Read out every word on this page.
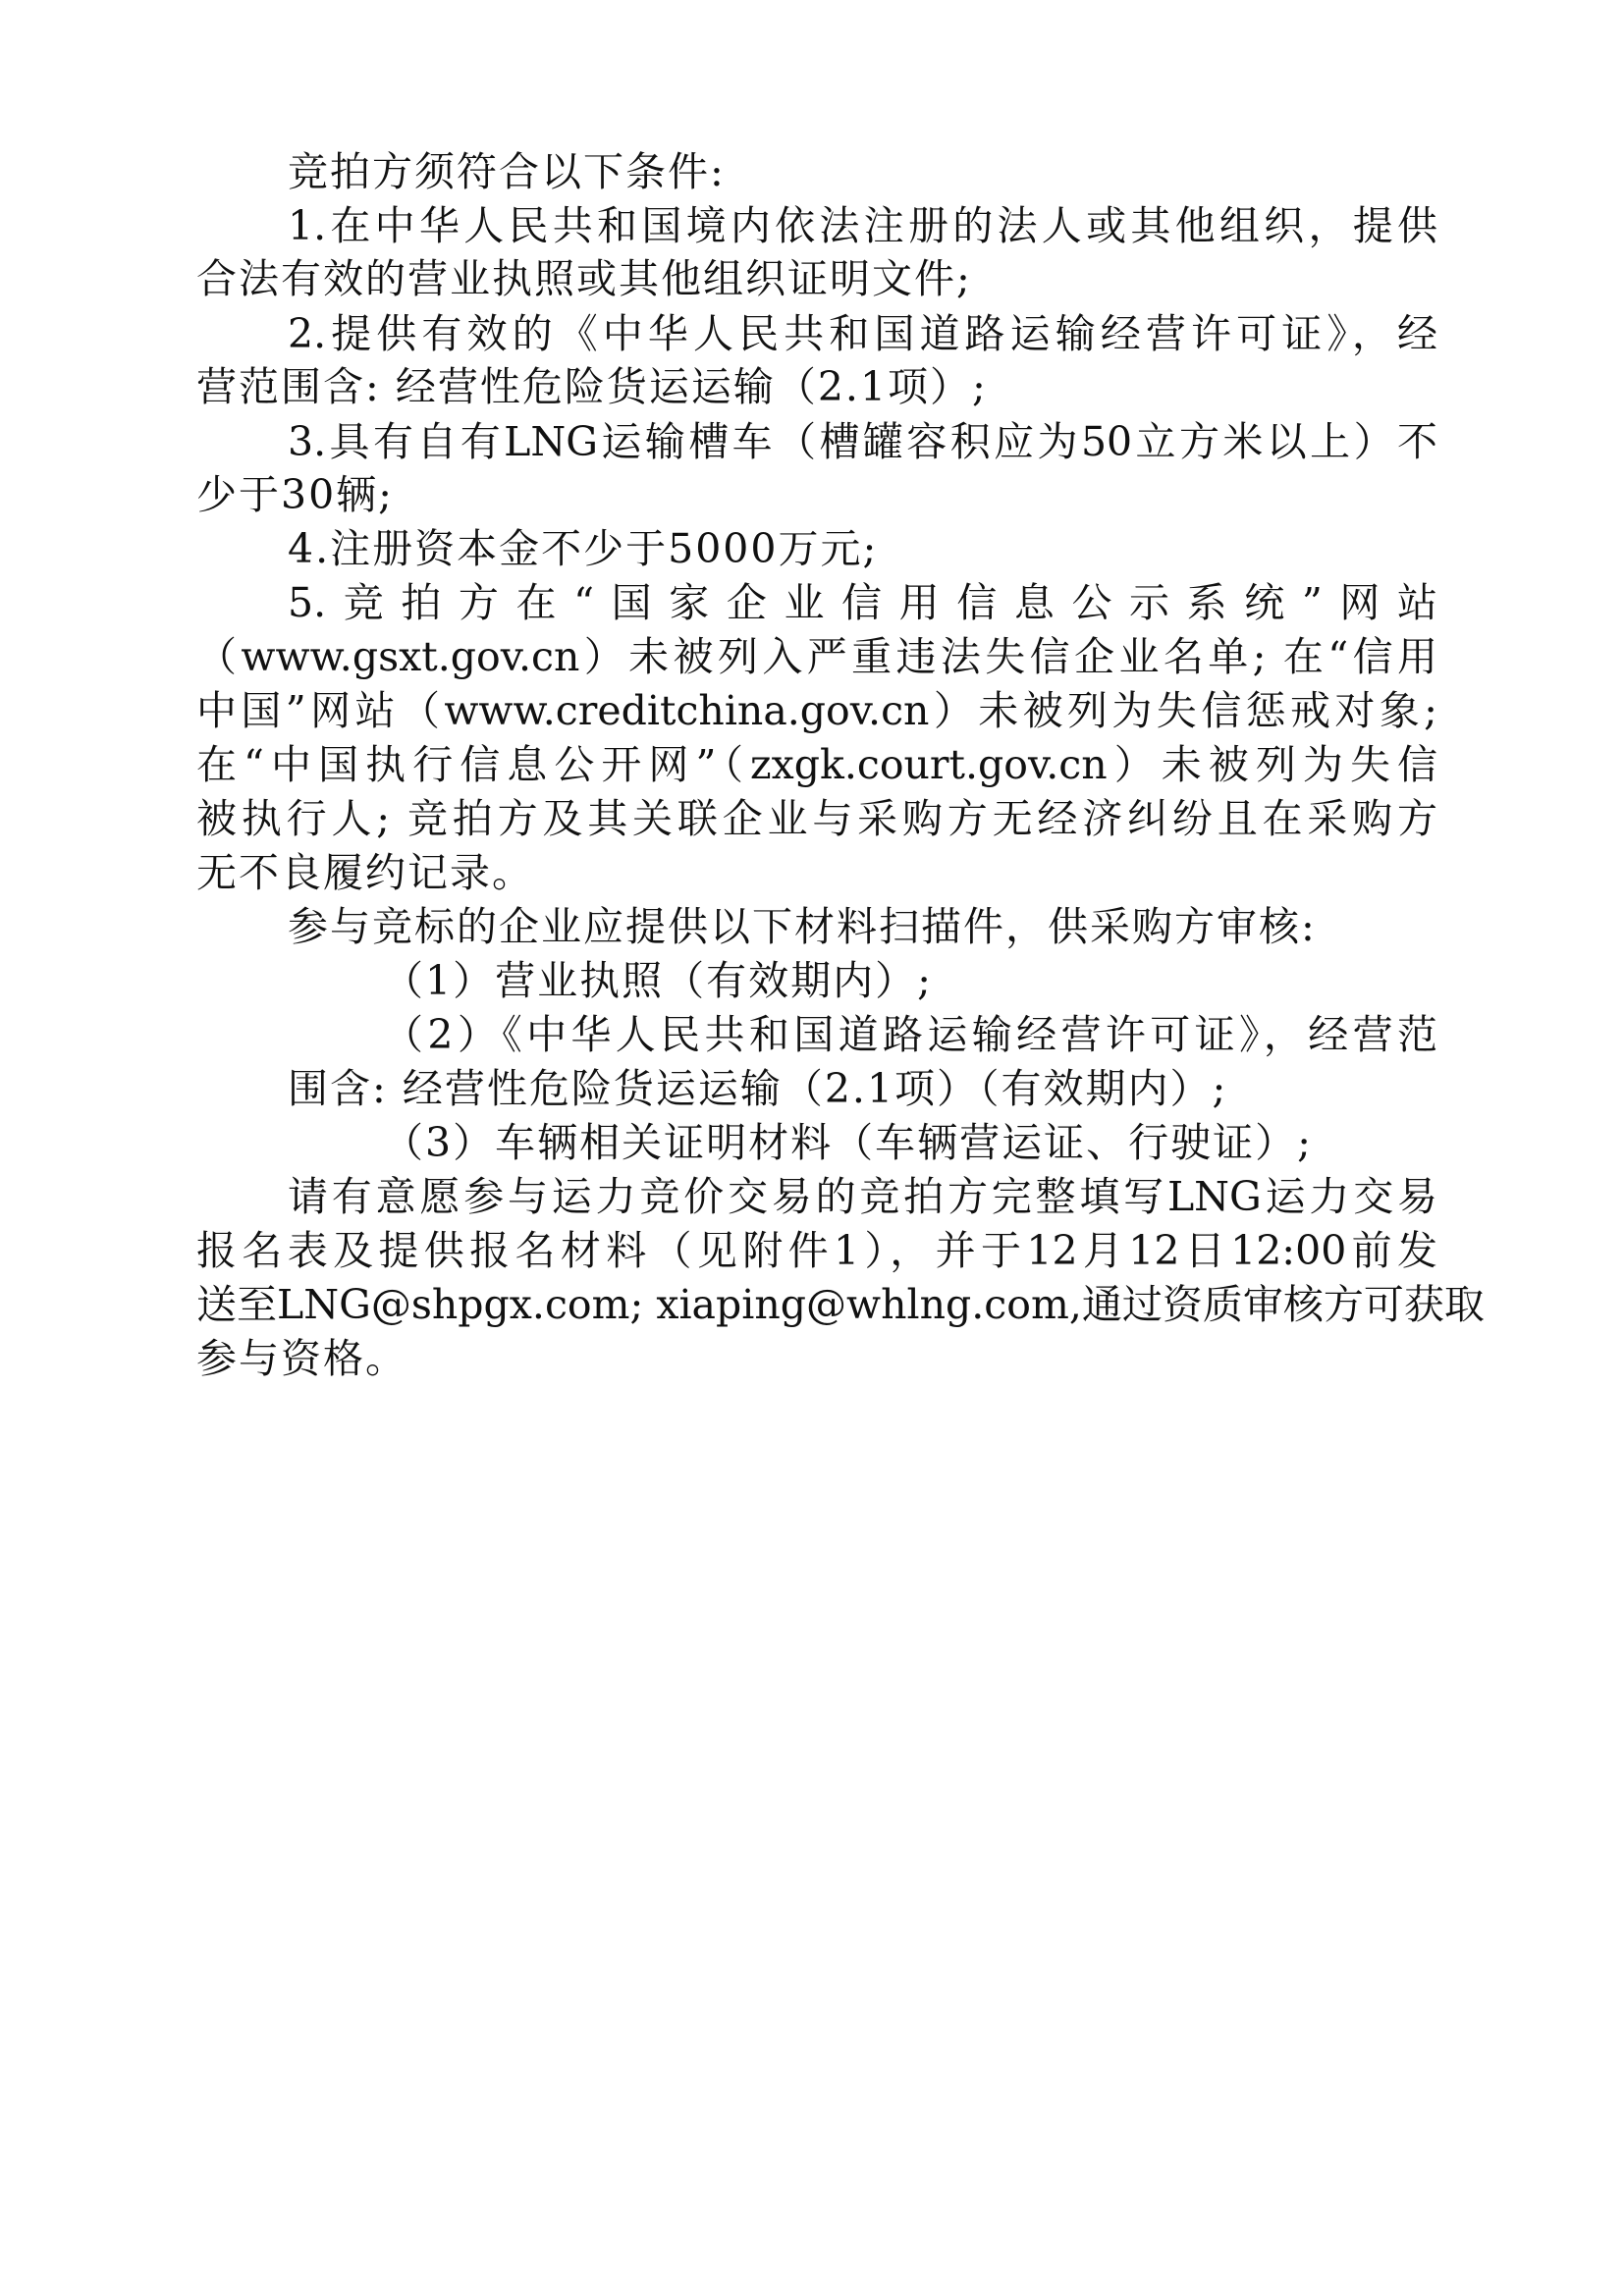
竞拍方须符合以下条件:
1.在中华人民共和国境内依法注册的法人或其他组织，提供
合法有效的营业执照或其他组织证明文件;
2.提供有效的《中华人民共和国道路运输经营许可证》，经
营范围含: 经营性危险货运运输（2.1项）;
3.具有自有LNG运输槽车（槽罐容积应为50立方米以上）不
少于30辆;
4.注册资本金不少于5000万元;
5.竞拍方在“国家企业信用信息公示系统”网站
（www.gsxt.gov.cn）未被列入严重违法失信企业名单; 在“信用
中国”网站（www.creditchina.gov.cn）未被列为失信惩戒对象;
在“中国执行信息公开网”（zxgk.court.gov.cn）未被列为失信
被执行人; 竞拍方及其关联企业与采购方无经济纠纷且在采购方
无不良履约记录。
参与竞标的企业应提供以下材料扫描件，供采购方审核:
（1）营业执照（有效期内）;
（2）《中华人民共和国道路运输经营许可证》，经营范
围含: 经营性危险货运运输（2.1项）（有效期内）;
（3）车辆相关证明材料（车辆营运证、行驶证）;
请有意愿参与运力竞价交易的竞拍方完整填写LNG运力交易
报名表及提供报名材料（见附件1），并于12月12日12:00前发
送至LNG@shpgx.com; xiaping@whlng.com,通过资质审核方可获取
参与资格。
